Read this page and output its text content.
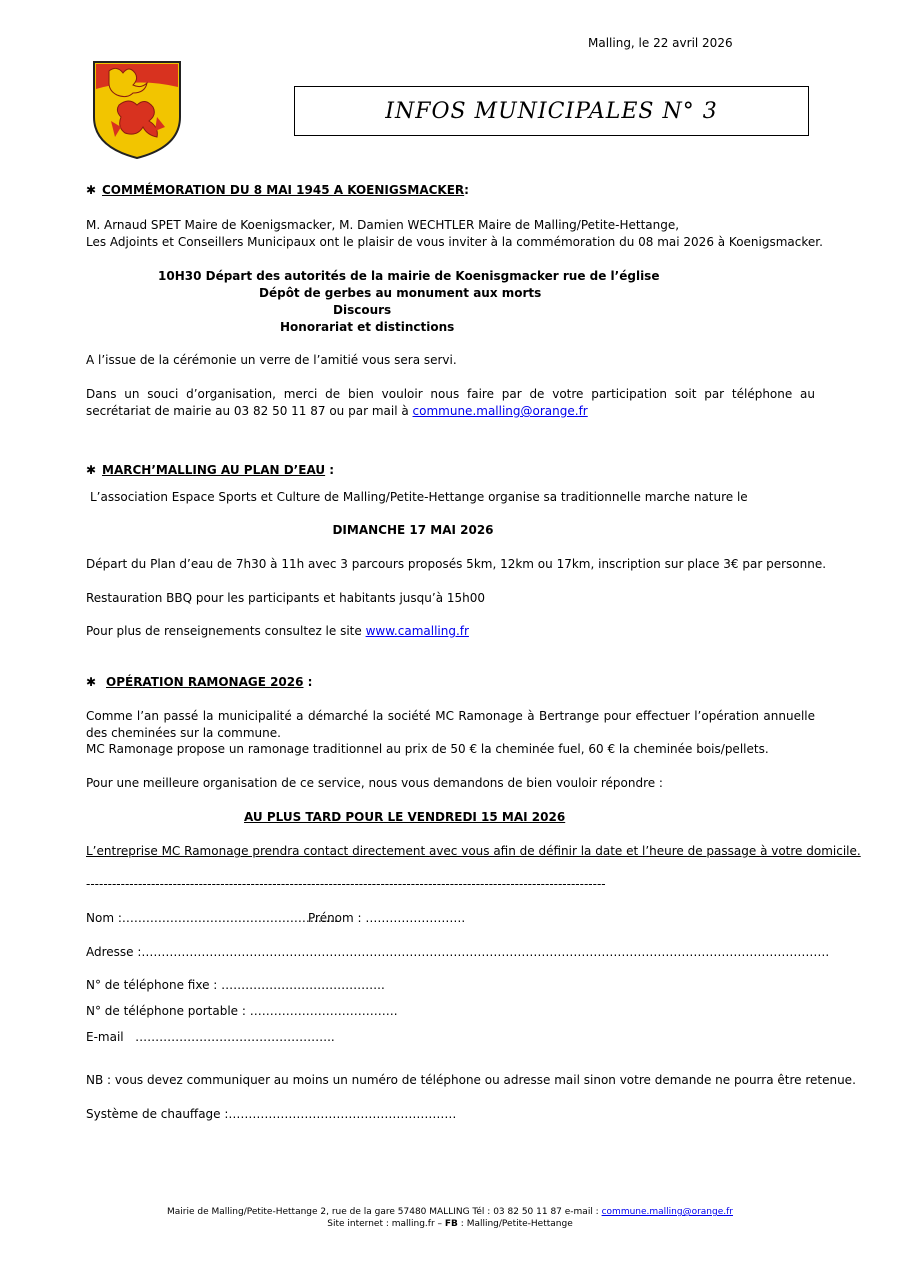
Malling, le 22 avril 2026
INFOS MUNICIPALES N° 3
✱ COMMÉMORATION DU 8 MAI 1945 A KOENIGSMACKER:
M. Arnaud SPET Maire de Koenigsmacker, M. Damien WECHTLER Maire de Malling/Petite-Hettange,
Les Adjoints et Conseillers Municipaux ont le plaisir de vous inviter à la commémoration du 08 mai 2026 à Koenigsmacker.
10H30 Départ des autorités de la mairie de Koenisgmacker rue de l’église
Dépôt de gerbes au monument aux morts
Discours
Honorariat et distinctions
A l’issue de la cérémonie un verre de l’amitié vous sera servi.
Dans un souci d’organisation, merci de bien vouloir nous faire par de votre participation soit par téléphone au secrétariat de mairie au 03 82 50 11 87 ou par mail à commune.malling@orange.fr
✱ MARCH’MALLING AU PLAN D’EAU :
L’association Espace Sports et Culture de Malling/Petite-Hettange organise sa traditionnelle marche nature le
DIMANCHE 17 MAI 2026
Départ du Plan d’eau de 7h30 à 11h avec 3 parcours proposés 5km, 12km ou 17km, inscription sur place 3€ par personne.
Restauration BBQ pour les participants et habitants jusqu’à 15h00
Pour plus de renseignements consultez le site www.camalling.fr
✱ OPÉRATION RAMONAGE 2026 :
Comme l’an passé la municipalité a démarché la société MC Ramonage à Bertrange pour effectuer l’opération annuelle des cheminées sur la commune.
MC Ramonage propose un ramonage traditionnel au prix de 50 € la cheminée fuel, 60 € la cheminée bois/pellets.
Pour une meilleure organisation de ce service, nous vous demandons de bien vouloir répondre :
AU PLUS TARD POUR LE VENDREDI 15 MAI 2026
L’entreprise MC Ramonage prendra contact directement avec vous afin de définir la date et l’heure de passage à votre domicile.
------------------------------------------------------------------------------------------------------------------------
Nom :………………………………………………
Prénom : …………………….
Adresse :……………………………………………………………………………………………………………………………………………………….
N° de téléphone fixe : …………………………………..
N° de téléphone portable : ……………………………….
E-mail   …………………………………………..
NB : vous devez communiquer au moins un numéro de téléphone ou adresse mail sinon votre demande ne pourra être retenue.
Système de chauffage :…………………………………………………
Mairie de Malling/Petite-Hettange 2, rue de la gare 57480 MALLING Tél : 03 82 50 11 87 e-mail : commune.malling@orange.fr
Site internet : malling.fr – FB : Malling/Petite-Hettange
